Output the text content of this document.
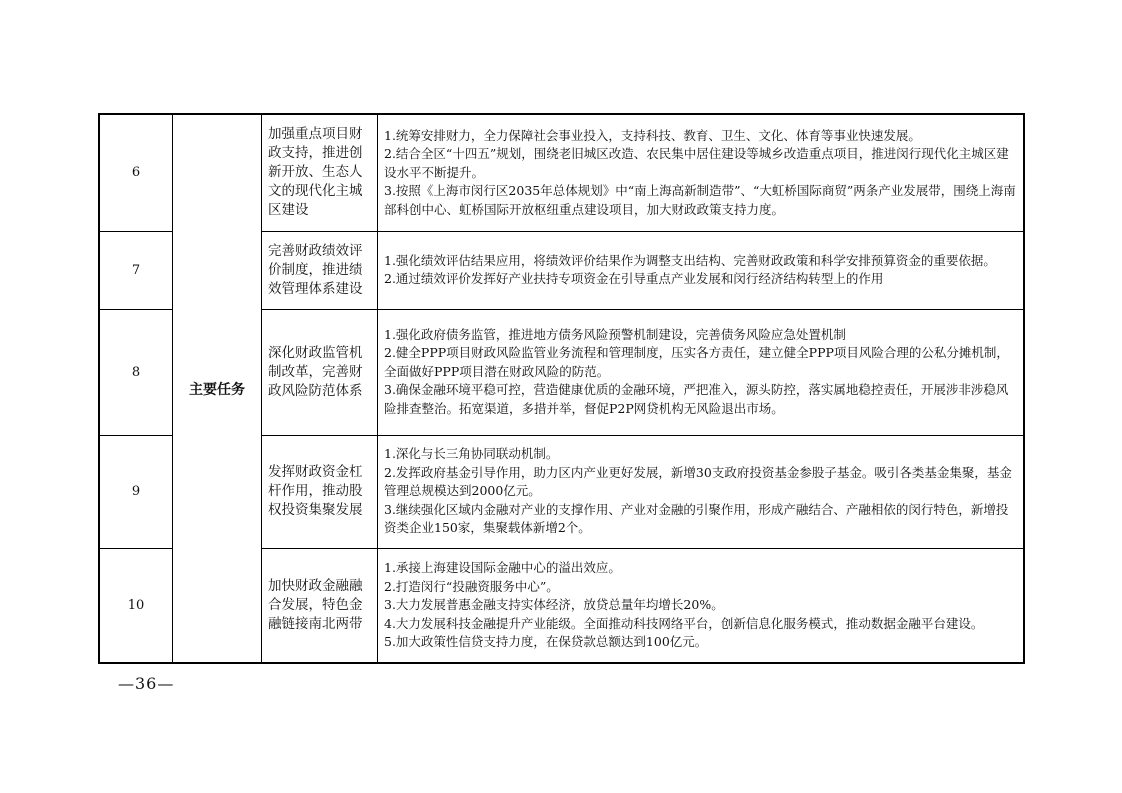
6	主要任务	加强重点项目财政支持，推进创新开放、生态人文的现代化主城区建设	1.统筹安排财力，全力保障社会事业投入，支持科技、教育、卫生、文化、体育等事业快速发展。
2.结合全区“十四五”规划，围绕老旧城区改造、农民集中居住建设等城乡改造重点项目，推进闵行现代化主城区建设水平不断提升。
3.按照《上海市闵行区2035年总体规划》中“南上海高新制造带”、“大虹桥国际商贸”两条产业发展带，围绕上海南部科创中心、虹桥国际开放枢纽重点建设项目，加大财政政策支持力度。

7		完善财政绩效评价制度，推进绩效管理体系建设	1.强化绩效评估结果应用，将绩效评价结果作为调整支出结构、完善财政政策和科学安排预算资金的重要依据。
2.通过绩效评价发挥好产业扶持专项资金在引导重点产业发展和闵行经济结构转型上的作用

8		深化财政监管机制改革，完善财政风险防范体系	1.强化政府债务监管，推进地方债务风险预警机制建设，完善债务风险应急处置机制
2.健全PPP项目财政风险监管业务流程和管理制度，压实各方责任，建立健全PPP项目风险合理的公私分摊机制，全面做好PPP项目潜在财政风险的防范。
3.确保金融环境平稳可控，营造健康优质的金融环境，严把准入，源头防控，落实属地稳控责任，开展涉非涉稳风险排查整治。拓宽渠道，多措并举，督促P2P网贷机构无风险退出市场。

9		发挥财政资金杠杆作用，推动股权投资集聚发展	1.深化与长三角协同联动机制。
2.发挥政府基金引导作用，助力区内产业更好发展，新增30支政府投资基金参股子基金。吸引各类基金集聚，基金管理总规模达到2000亿元。
3.继续强化区域内金融对产业的支撑作用、产业对金融的引聚作用，形成产融结合、产融相依的闵行特色，新增投资类企业150家，集聚载体新增2个。

10		加快财政金融融合发展，特色金融链接南北两带	1.承接上海建设国际金融中心的溢出效应。
2.打造闵行“投融资服务中心”。
3.大力发展普惠金融支持实体经济，放贷总量年均增长20%。
4.大力发展科技金融提升产业能级。全面推动科技网络平台，创新信息化服务模式，推动数据金融平台建设。
5.加大政策性信贷支持力度，在保贷款总额达到100亿元。
—36—
